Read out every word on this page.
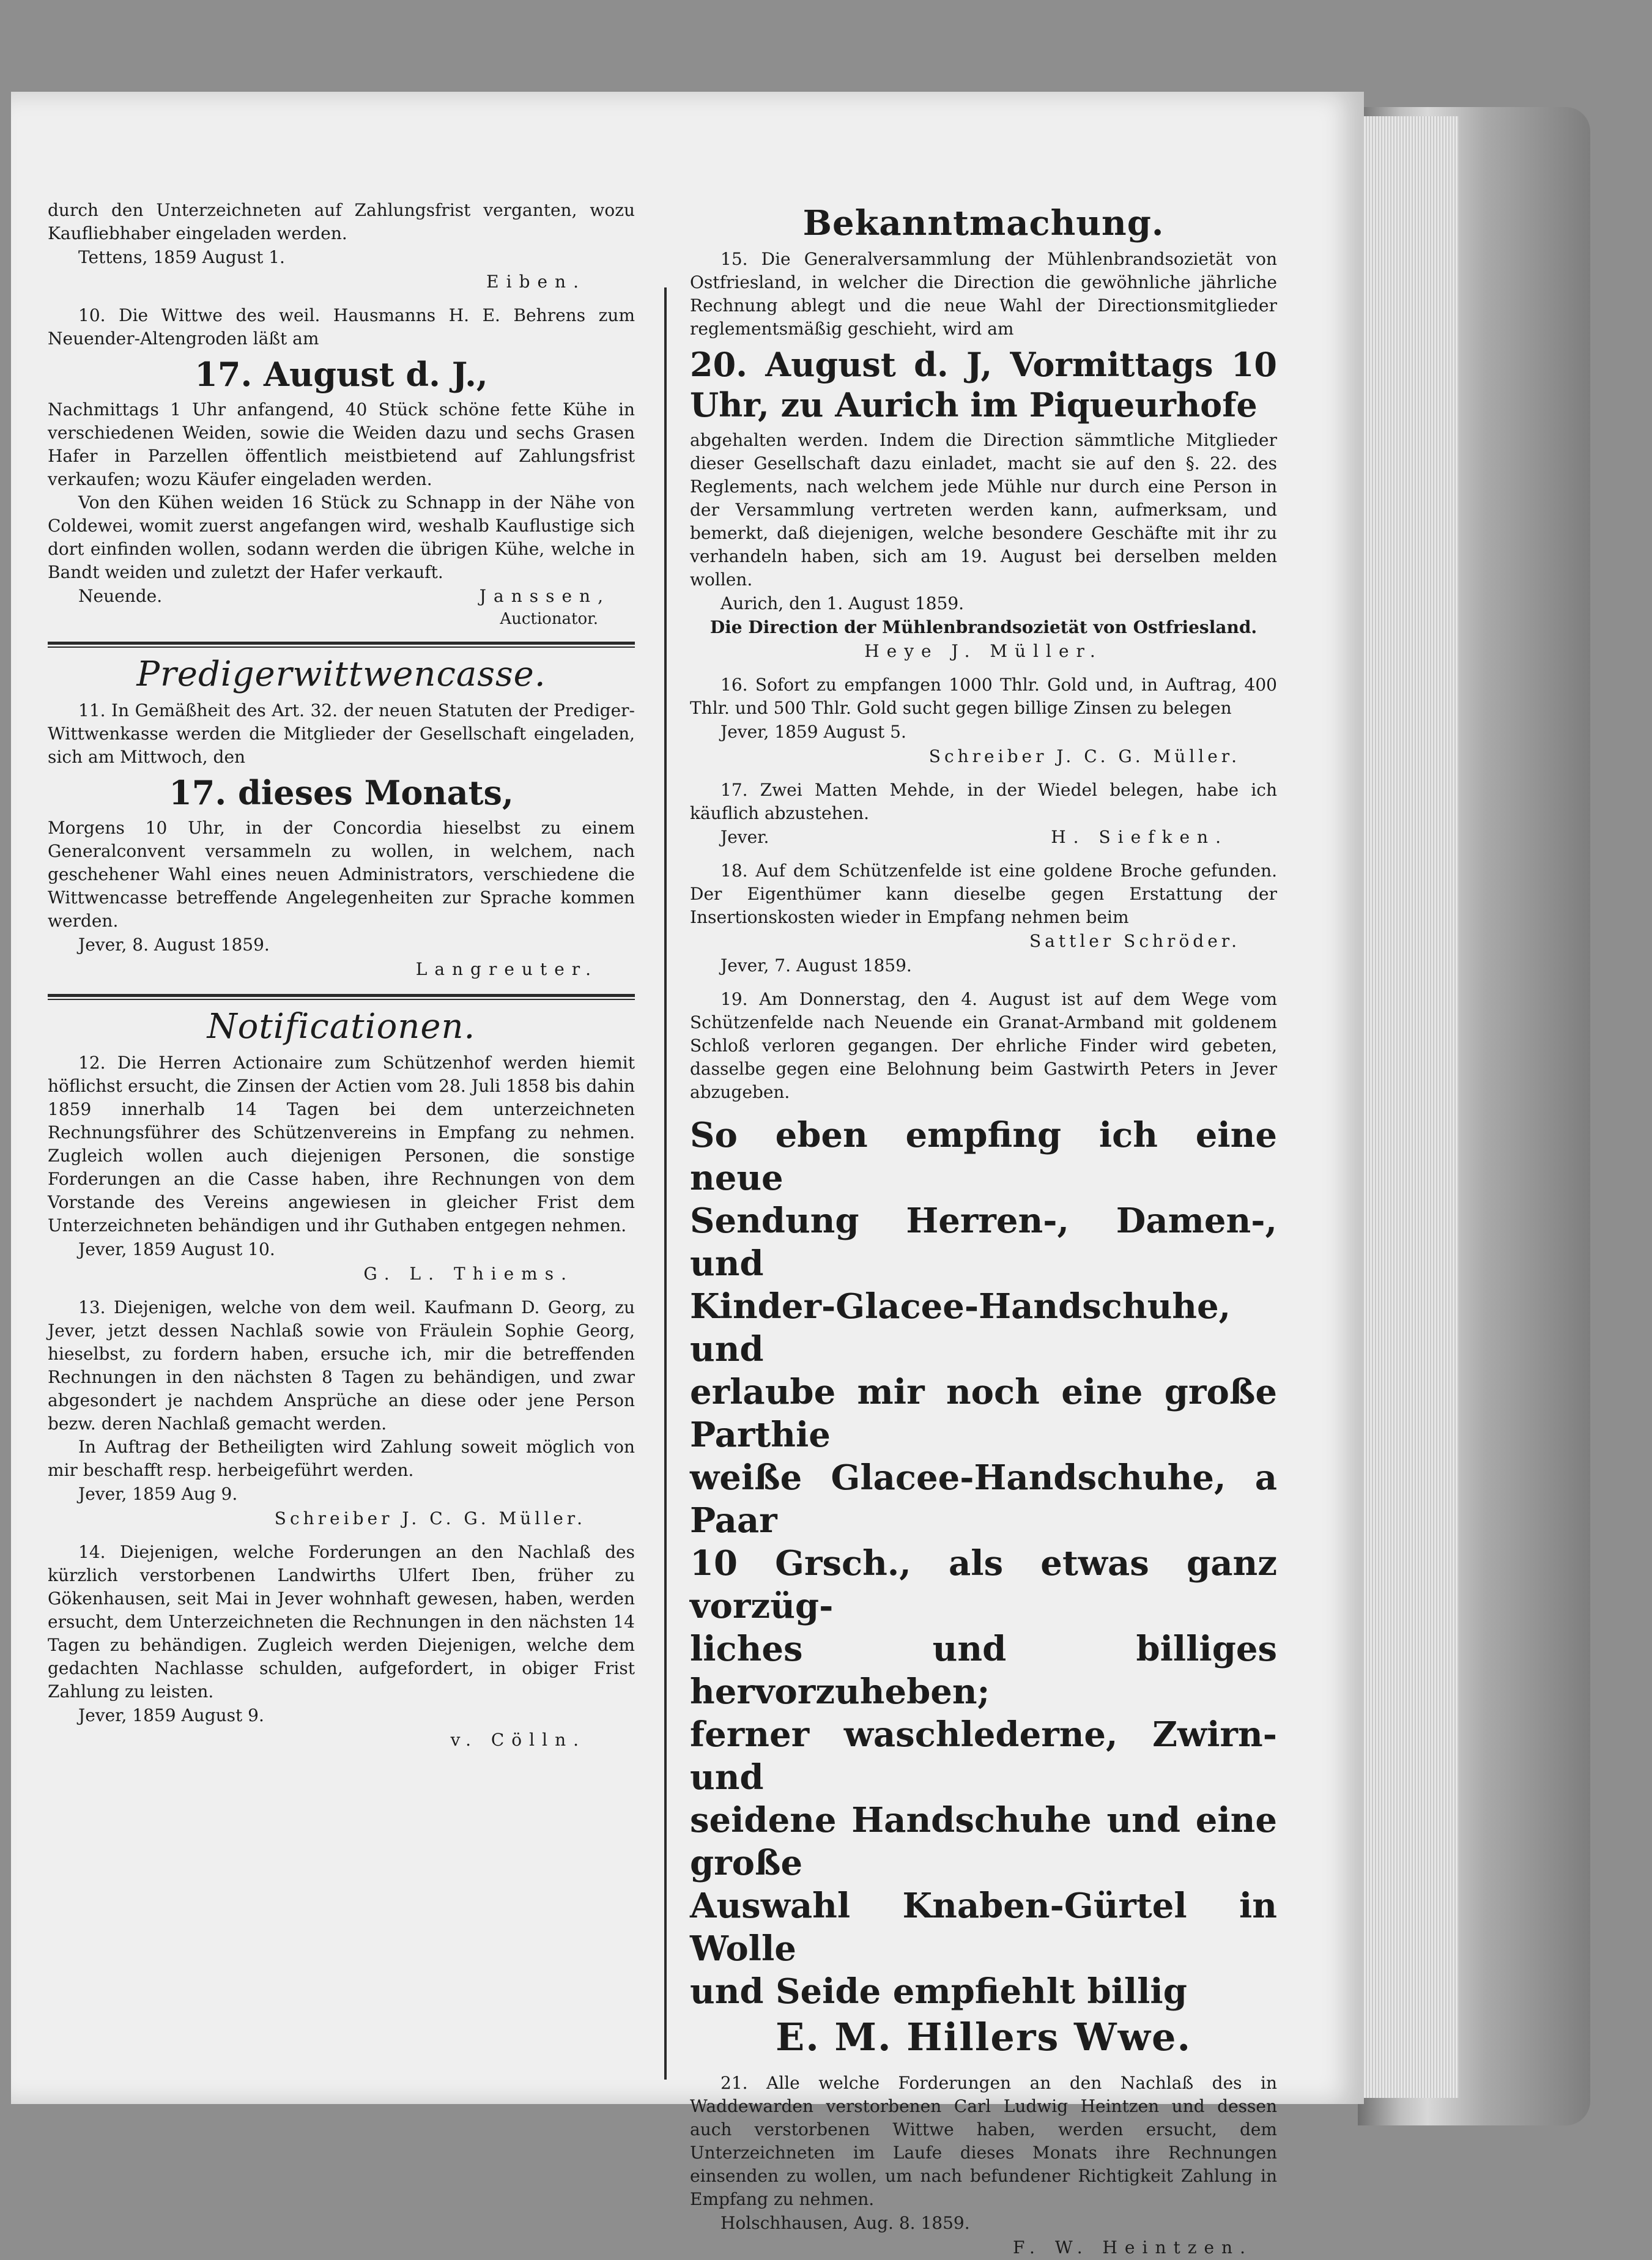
durch den Unterzeichneten auf Zahlungsfrist verganten, wozu Kaufliebhaber eingeladen werden.

Tettens, 1859 August 1.

Eiben.

10. Die Wittwe des weil. Hausmanns H. E. Behrens zum Neuender-Altengroden läßt am

17. August d. J.,

Nachmittags 1 Uhr anfangend, 40 Stück schöne fette Kühe in verschiedenen Weiden, sowie die Weiden dazu und sechs Grasen Hafer in Parzellen öffentlich meistbietend auf Zahlungsfrist verkaufen; wozu Käufer eingeladen werden.

Von den Kühen weiden 16 Stück zu Schnapp in der Nähe von Coldewei, womit zuerst angefangen wird, weshalb Kauflustige sich dort einfinden wollen, sodann werden die übrigen Kühe, welche in Bandt weiden und zuletzt der Hafer verkauft.

Neuende.	Janssen,

Auctionator.

Predigerwittwencasse.

11. In Gemäßheit des Art. 32. der neuen Statuten der Prediger-Wittwenkasse werden die Mitglieder der Gesellschaft eingeladen, sich am Mittwoch, den

17. dieses Monats,

Morgens 10 Uhr, in der Concordia hieselbst zu einem Generalconvent versammeln zu wollen, in welchem, nach geschehener Wahl eines neuen Administrators, verschiedene die Wittwencasse betreffende Angelegenheiten zur Sprache kommen werden.

Jever, 8. August 1859.

Langreuter.

Notificationen.

12. Die Herren Actionaire zum Schützenhof werden hiemit höflichst ersucht, die Zinsen der Actien vom 28. Juli 1858 bis dahin 1859 innerhalb 14 Tagen bei dem unterzeichneten Rechnungsführer des Schützenvereins in Empfang zu nehmen. Zugleich wollen auch diejenigen Personen, die sonstige Forderungen an die Casse haben, ihre Rechnungen von dem Vorstande des Vereins angewiesen in gleicher Frist dem Unterzeichneten behändigen und ihr Guthaben entgegen nehmen.

Jever, 1859 August 10.

G. L. Thiems.

13. Diejenigen, welche von dem weil. Kaufmann D. Georg, zu Jever, jetzt dessen Nachlaß sowie von Fräulein Sophie Georg, hieselbst, zu fordern haben, ersuche ich, mir die betreffenden Rechnungen in den nächsten 8 Tagen zu behändigen, und zwar abgesondert je nachdem Ansprüche an diese oder jene Person bezw. deren Nachlaß gemacht werden.

In Auftrag der Betheiligten wird Zahlung soweit möglich von mir beschafft resp. herbeigeführt werden.

Jever, 1859 Aug 9.

Schreiber J. C. G. Müller.

14. Diejenigen, welche Forderungen an den Nachlaß des kürzlich verstorbenen Landwirths Ulfert Iben, früher zu Gökenhausen, seit Mai in Jever wohnhaft gewesen, haben, werden ersucht, dem Unterzeichneten die Rechnungen in den nächsten 14 Tagen zu behändigen. Zugleich werden Diejenigen, welche dem gedachten Nachlasse schulden, aufgefordert, in obiger Frist Zahlung zu leisten.

Jever, 1859 August 9.

v. Cölln.

Bekanntmachung.

15. Die Generalversammlung der Mühlenbrandsozietät von Ostfriesland, in welcher die Direction die gewöhnliche jährliche Rechnung ablegt und die neue Wahl der Directionsmitglieder reglementsmäßig geschieht, wird am

20. August d. J, Vormittags 10 Uhr, zu Aurich im Piqueurhofe

abgehalten werden. Indem die Direction sämmtliche Mitglieder dieser Gesellschaft dazu einladet, macht sie auf den §. 22. des Reglements, nach welchem jede Mühle nur durch eine Person in der Versammlung vertreten werden kann, aufmerksam, und bemerkt, daß diejenigen, welche besondere Geschäfte mit ihr zu verhandeln haben, sich am 19. August bei derselben melden wollen.

Aurich, den 1. August 1859.

Die Direction der Mühlenbrandsozietät von Ostfriesland.

Heye J. Müller.

16. Sofort zu empfangen 1000 Thlr. Gold und, in Auftrag, 400 Thlr. und 500 Thlr. Gold sucht gegen billige Zinsen zu belegen

Jever, 1859 August 5.

Schreiber J. C. G. Müller.

17. Zwei Matten Mehde, in der Wiedel belegen, habe ich käuflich abzustehen.

Jever.	H. Siefken.

18. Auf dem Schützenfelde ist eine goldene Broche gefunden. Der Eigenthümer kann dieselbe gegen Erstattung der Insertionskosten wieder in Empfang nehmen beim

Sattler Schröder.

Jever, 7. August 1859.

19. Am Donnerstag, den 4. August ist auf dem Wege vom Schützenfelde nach Neuende ein Granat-Armband mit goldenem Schloß verloren gegangen. Der ehrliche Finder wird gebeten, dasselbe gegen eine Belohnung beim Gastwirth Peters in Jever abzugeben.

So eben empfing ich eine neue

Sendung Herren-, Damen-, und

Kinder-Glacee-Handschuhe, und

erlaube mir noch eine große Parthie

weiße Glacee-Handschuhe, a Paar

10 Grsch., als etwas ganz vorzüg-

liches und billiges hervorzuheben;

ferner waschlederne, Zwirn- und

seidene Handschuhe und eine große

Auswahl Knaben-Gürtel in Wolle

und Seide empfiehlt billig

E. M. Hillers Wwe.

21. Alle welche Forderungen an den Nachlaß des in Waddewarden verstorbenen Carl Ludwig Heintzen und dessen auch verstorbenen Wittwe haben, werden ersucht, dem Unterzeichneten im Laufe dieses Monats ihre Rechnungen einsenden zu wollen, um nach befundener Richtigkeit Zahlung in Empfang zu nehmen.

Holschhausen, Aug. 8. 1859.

F. W. Heintzen.
